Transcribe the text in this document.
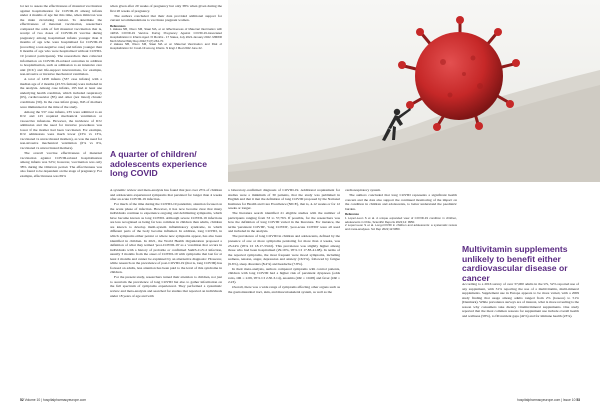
lot not to assess the effectiveness of maternal vaccination against hospitalisation for COVID-19 among infants under 4 months of age but this time, when Omicron was the main circulating variant. To determine the effectiveness of maternal vaccination, researchers compared the odds of full maternal vaccination that is, receipt of two doses of COVID-19 vaccine during pregnancy among hospitalised infants younger than 6 months of age who were hospitalised for COVID-19 (recording a test-negative case) and infants younger than 6 months of age who were hospitalised without COVID-19 (control participants). The researchers then collected information on COVID-19-related outcomes in addition to hospitalisation, such as admission to an intensive care unit (ICU) and life-support interventions, for example, non-invasive or invasive mechanical ventilation.

A total of 1458 infants (537 case infants) with a median age of 2 months (43.5% female) were included in the analysis. Among case infants, 195 had at least one underlying health condition, which included respiratory (65), cardiovascular (85) and other (not listed) chronic conditions (30). In the case infant group, 845 of mothers were immunised at the time of the study.

Among the 537 case infants, 235 were admitted to an ICU and 125 required mechanical ventilation or vasoactive infusions. However, the incidence of ICU admission and the need for invasive procedures was lower if the mother had been vaccinated. For example, ICU admissions were much lower (23% vs 13%, vaccinated vs unvaccinated mothers), as was the need for non-invasive mechanical ventilation (6% vs 6%, vaccinated vs unvaccinated mothers).

The overall vaccine effectiveness of maternal vaccination against COVID-related hospitalisation among infants was 52%; however, vaccination was only 38% during the Omicron period. The effectiveness was also found to be dependent on the stage of pregnancy. For example, effectiveness was 69%

when given after 20 weeks of pregnancy but only 38% when given during the first 20 weeks of pregnancy.

The authors concluded that their data provided additional support for current recommendations to vaccinate pregnant women.

References
1 Halasa NB, Olson SM, Staat MA, et al. Effectiveness of Maternal Vaccination with mRNA COVID-19 Vaccine During Pregnancy Against COVID-19-Associated Hospitalization in Infants Aged <6 Months - 17 States, July 2021-January 2022. MMWR Morb Mortal Wkly Rep 2022;71(7):264-70.
2 Halasa NB, Olson SM, Staat MA et al. Maternal Vaccination and Risk of Hospitalization for Covid-19 among Infants. N Engl J Med 2022 June 22.
A quarter of children/ adolescents experience long COVID

A systemic review and meta-analysis has found that just over 25% of children and adolescents experienced symptoms that persisted for longer than 4 weeks after an acute COVID-19 infection.

For much of the time during the COVID-19 pandemic, attention focused on the acute phase of infection. However, it has now become clear that many individuals continue to experience ongoing and debilitating symptoms, which have become known as long COVID. Although severe COVID-19 infections are less recognised as being far less common in children than adults, children are known to develop multi-system inflammatory syndrome, in which different parts of the body become inflamed. In addition, long COVID, in which symptoms either persist or where new symptoms appear, has also been identified in children. In 2021, the World Health Organization proposed a definition of what they termed 'post-COVID-19' as a 'condition that occurs in individuals with a history of probable or confirmed SARS-CoV-2 infection, usually 3 months from the onset of COVID-19 with symptoms that last for at least 2 months and cannot be explained by an alternative diagnosis'. However, while research on the prevalence of post-COVID-19 (that is, long COVID) has focused on adults, less attention has been paid to the level of this syndrome in children.

For the present study, researchers turned their attention to children, not just to ascertain the prevalence of long COVID but also to gather information on the full spectrum of symptoms experienced. They performed a systematic review and meta-analysis and searched for studies that reported on individuals under 18 years of age and with

a laboratory-confirmed diagnosis of COVID-19. Additional requirement for studies were a minimum of 30 patients, that the study was published in English and that it met the definition of long COVID proposed by the National Institutes for Health and Care Excellence (NICE), that is, 4-12 weeks or for 12 weeks or longer.

The literature search identified 21 eligible studies with the number of participants ranging from 53 to 57,763. If possible, for the researchers was how the definition of long COVID varied in the literature. For instance, the terms 'persistent COVID', 'long COVID', 'post-acute COVID' were all used and included in the analysis.

The prevalence of long COVID in children and adolescents, defined by the presence of one or more symptoms persisting for more than 4 weeks, was 25.24% (95% CI 18.17-33.02). This prevalence was slightly higher among those who had been hospitalised (29.19%, 95% CI 17.83-41.98). In terms of the reported symptoms, the most frequent were mood symptoms, including sadness, tension, anger, depression and anxiety (16.5%), followed by fatigue (9.6%), sleep disorders (8.4%) and headache (7.8%).

In their meta-analysis, authors compared symptoms with control patients, children with long COVID had a higher risk of persistent dyspnoea (odds ratio, OR = 2.69, 95% CI 2.30-3.14), anosmia (OR = 10.68) and fever (OR = 2.23).

Overall, there was a wide range of symptoms affecting other organs such as the gastrointestinal tract, skin, and musculoskeletal system, as well as the

cardiorespiratory system.

The authors concluded that long COVID represents a significant health concern and the data also support the continued monitoring of the impact on the condition in children and adolescents, to better understand the paediatric burden.

Reference
1 Lopez-Leon S et al. A unique expanded view of COVID-19 condition in children, adolescents in Chile, Scientific Reports 2022;12: 9950.
2 Lopez-Leon S et al. Long-COVID in children and adolescents: a systematic review and meta-analyses. Sci Rep 2022;12:9950.
Multivitamin supplements unlikely to benefit either cardiovascular disease or cancer

According to a 2016 survey of over 37,000 adults in the US, 52% reported use of any supplement, with 31% reporting the use of a multivitamin, multi-mineral supplements. Supplement use in Europe appears to be more varied, with a 2009 study finding that usage among adults ranged from 2% (Greece) to 51% (Denmark). While prevalence surveys are of interest, what is more revealing is the reason why consumers take dietary vitamin/mineral supplements. One study reported that the most common reasons for supplement use include overall health and wellness (58%), to fill nutrient gaps (42%) and for immune health (23%).

52 Volume 10 | hospitalpharmacyeurope.com	hospitalpharmacyeurope.com | Issue 10 53
